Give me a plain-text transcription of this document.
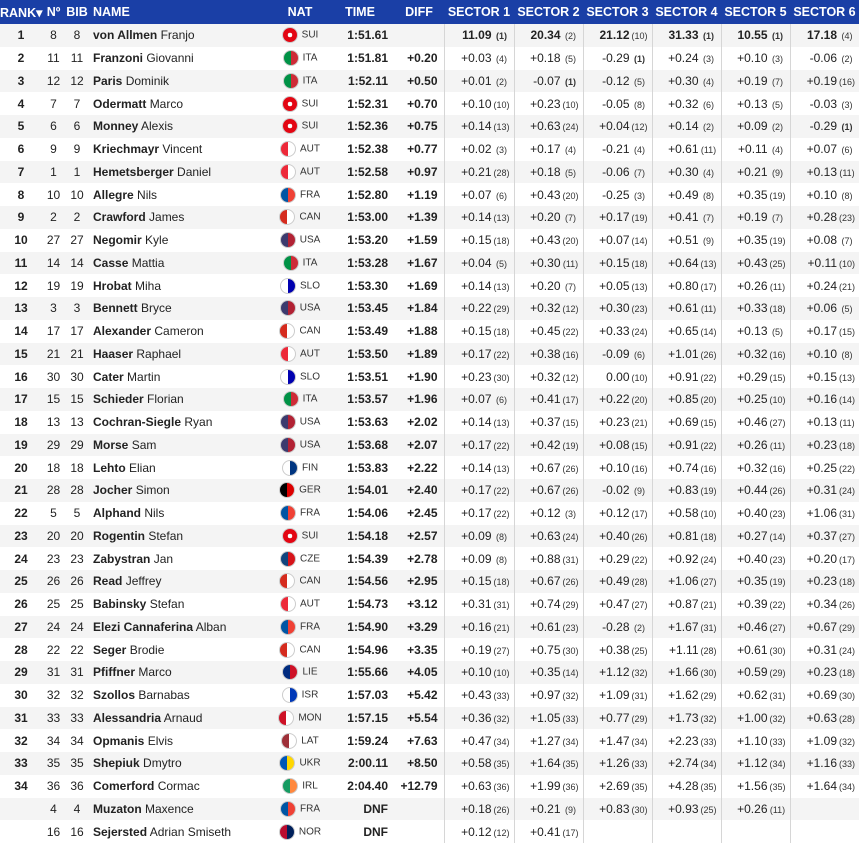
RANK▾	Nº	BIB	NAME	NAT	TIME	DIFF	SECTOR 1	SECTOR 2	SECTOR 3	SECTOR 4	SECTOR 5	SECTOR 6
1	8	8	von Allmen Franjo	SUI	1:51.61		11.09 (1)	20.34 (2)	21.12 (10)	31.33 (1)	10.55 (1)	17.18 (4)
2	11	11	Franzoni Giovanni	ITA	1:51.81	+0.20	+0.03 (4)	+0.18 (5)	-0.29 (1)	+0.24 (3)	+0.10 (3)	-0.06 (2)
3	12	12	Paris Dominik	ITA	1:52.11	+0.50	+0.01 (2)	-0.07 (1)	-0.12 (5)	+0.30 (4)	+0.19 (7)	+0.19 (16)
4	7	7	Odermatt Marco	SUI	1:52.31	+0.70	+0.10 (10)	+0.23 (10)	-0.05 (8)	+0.32 (6)	+0.13 (5)	-0.03 (3)
5	6	6	Monney Alexis	SUI	1:52.36	+0.75	+0.14 (13)	+0.63 (24)	+0.04 (12)	+0.14 (2)	+0.09 (2)	-0.29 (1)
6	9	9	Kriechmayr Vincent	AUT	1:52.38	+0.77	+0.02 (3)	+0.17 (4)	-0.21 (4)	+0.61 (11)	+0.11 (4)	+0.07 (6)
7	1	1	Hemetsberger Daniel	AUT	1:52.58	+0.97	+0.21 (28)	+0.18 (5)	-0.06 (7)	+0.30 (4)	+0.21 (9)	+0.13 (11)
8	10	10	Allegre Nils	FRA	1:52.80	+1.19	+0.07 (6)	+0.43 (20)	-0.25 (3)	+0.49 (8)	+0.35 (19)	+0.10 (8)
9	2	2	Crawford James	CAN	1:53.00	+1.39	+0.14 (13)	+0.20 (7)	+0.17 (19)	+0.41 (7)	+0.19 (7)	+0.28 (23)
10	27	27	Negomir Kyle	USA	1:53.20	+1.59	+0.15 (18)	+0.43 (20)	+0.07 (14)	+0.51 (9)	+0.35 (19)	+0.08 (7)
11	14	14	Casse Mattia	ITA	1:53.28	+1.67	+0.04 (5)	+0.30 (11)	+0.15 (18)	+0.64 (13)	+0.43 (25)	+0.11 (10)
12	19	19	Hrobat Miha	SLO	1:53.30	+1.69	+0.14 (13)	+0.20 (7)	+0.05 (13)	+0.80 (17)	+0.26 (11)	+0.24 (21)
13	3	3	Bennett Bryce	USA	1:53.45	+1.84	+0.22 (29)	+0.32 (12)	+0.30 (23)	+0.61 (11)	+0.33 (18)	+0.06 (5)
14	17	17	Alexander Cameron	CAN	1:53.49	+1.88	+0.15 (18)	+0.45 (22)	+0.33 (24)	+0.65 (14)	+0.13 (5)	+0.17 (15)
15	21	21	Haaser Raphael	AUT	1:53.50	+1.89	+0.17 (22)	+0.38 (16)	-0.09 (6)	+1.01 (26)	+0.32 (16)	+0.10 (8)
16	30	30	Cater Martin	SLO	1:53.51	+1.90	+0.23 (30)	+0.32 (12)	0.00 (10)	+0.91 (22)	+0.29 (15)	+0.15 (13)
17	15	15	Schieder Florian	ITA	1:53.57	+1.96	+0.07 (6)	+0.41 (17)	+0.22 (20)	+0.85 (20)	+0.25 (10)	+0.16 (14)
18	13	13	Cochran-Siegle Ryan	USA	1:53.63	+2.02	+0.14 (13)	+0.37 (15)	+0.23 (21)	+0.69 (15)	+0.46 (27)	+0.13 (11)
19	29	29	Morse Sam	USA	1:53.68	+2.07	+0.17 (22)	+0.42 (19)	+0.08 (15)	+0.91 (22)	+0.26 (11)	+0.23 (18)
20	18	18	Lehto Elian	FIN	1:53.83	+2.22	+0.14 (13)	+0.67 (26)	+0.10 (16)	+0.74 (16)	+0.32 (16)	+0.25 (22)
21	28	28	Jocher Simon	GER	1:54.01	+2.40	+0.17 (22)	+0.67 (26)	-0.02 (9)	+0.83 (19)	+0.44 (26)	+0.31 (24)
22	5	5	Alphand Nils	FRA	1:54.06	+2.45	+0.17 (22)	+0.12 (3)	+0.12 (17)	+0.58 (10)	+0.40 (23)	+1.06 (31)
23	20	20	Rogentin Stefan	SUI	1:54.18	+2.57	+0.09 (8)	+0.63 (24)	+0.40 (26)	+0.81 (18)	+0.27 (14)	+0.37 (27)
24	23	23	Zabystran Jan	CZE	1:54.39	+2.78	+0.09 (8)	+0.88 (31)	+0.29 (22)	+0.92 (24)	+0.40 (23)	+0.20 (17)
25	26	26	Read Jeffrey	CAN	1:54.56	+2.95	+0.15 (18)	+0.67 (26)	+0.49 (28)	+1.06 (27)	+0.35 (19)	+0.23 (18)
26	25	25	Babinsky Stefan	AUT	1:54.73	+3.12	+0.31 (31)	+0.74 (29)	+0.47 (27)	+0.87 (21)	+0.39 (22)	+0.34 (26)
27	24	24	Elezi Cannaferina Alban	FRA	1:54.90	+3.29	+0.16 (21)	+0.61 (23)	-0.28 (2)	+1.67 (31)	+0.46 (27)	+0.67 (29)
28	22	22	Seger Brodie	CAN	1:54.96	+3.35	+0.19 (27)	+0.75 (30)	+0.38 (25)	+1.11 (28)	+0.61 (30)	+0.31 (24)
29	31	31	Pfiffner Marco	LIE	1:55.66	+4.05	+0.10 (10)	+0.35 (14)	+1.12 (32)	+1.66 (30)	+0.59 (29)	+0.23 (18)
30	32	32	Szollos Barnabas	ISR	1:57.03	+5.42	+0.43 (33)	+0.97 (32)	+1.09 (31)	+1.62 (29)	+0.62 (31)	+0.69 (30)
31	33	33	Alessandria Arnaud	MON	1:57.15	+5.54	+0.36 (32)	+1.05 (33)	+0.77 (29)	+1.73 (32)	+1.00 (32)	+0.63 (28)
32	34	34	Opmanis Elvis	LAT	1:59.24	+7.63	+0.47 (34)	+1.27 (34)	+1.47 (34)	+2.23 (33)	+1.10 (33)	+1.09 (32)
33	35	35	Shepiuk Dmytro	UKR	2:00.11	+8.50	+0.58 (35)	+1.64 (35)	+1.26 (33)	+2.74 (34)	+1.12 (34)	+1.16 (33)
34	36	36	Comerford Cormac	IRL	2:04.40	+12.79	+0.63 (36)	+1.99 (36)	+2.69 (35)	+4.28 (35)	+1.56 (35)	+1.64 (34)
	4	4	Muzaton Maxence	FRA	DNF		+0.18 (26)	+0.21 (9)	+0.83 (30)	+0.93 (25)	+0.26 (11)	
	16	16	Sejersted Adrian Smiseth	NOR	DNF		+0.12 (12)	+0.41 (17)				
